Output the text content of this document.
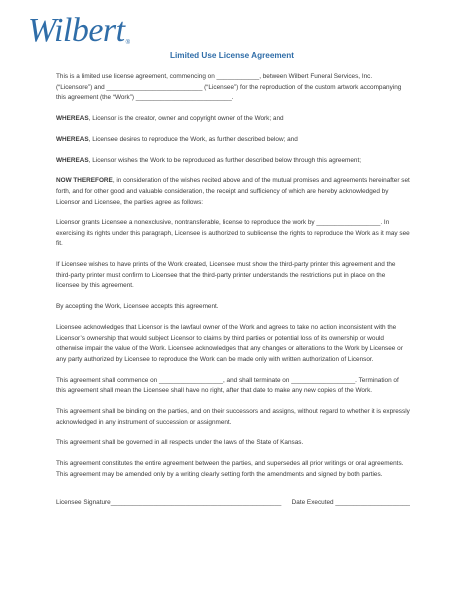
Wilbert®
Limited Use License Agreement

This is a limited use license agreement, commencing on ____________, between Wilbert Funeral Services, Inc. (“Licensore”) and ___________________________ (“Licensee”) for the reproduction of the custom artwork accompanying this agreement (the “Work”) ___________________________.

WHEREAS, Licensor is the creator, owner and copyright owner of the Work; and

WHEREAS, Licensee desires to reproduce the Work, as further described below; and

WHEREAS, Licensor wishes the Work to be reproduced as further described below through this agreement;

NOW THEREFORE, in consideration of the wishes recited above and of the mutual promises and agreements hereinafter set forth, and for other good and valuable consideration, the receipt and sufficiency of which are hereby acknowledged by Licensor and Licensee, the parties agree as follows:

Licensor grants Licensee a nonexclusive, nontransferable, license to reproduce the work by __________________. In exercising its rights under this paragraph, Licensee is authorized to sublicense the rights to reproduce the Work as it may see fit.

If Licensee wishes to have prints of the Work created, Licensee must show the third-party printer this agreement and the third-party printer must confirm to Licensee that the third-party printer understands the restrictions put in place on the licensee by this agreement.

By accepting the Work, Licensee accepts this agreement.

Licensee acknowledges that Licensor is the lawfaul owner of the Work and agrees to take no action inconsistent with the Licensor’s ownership that would subject Licensor to claims by third parties or potential loss of its ownership or would otherwise impair the value of the Work. Licensee acknowledges that any changes or alterations to the Work by Licensee or any party authorized by Licensee to reproduce the Work can be made only with written authorization of Licensor.

This agreement shall commence on __________________, and shall terminate on __________________. Termination of this agreement shall mean the Licensee shall have no right, after that date to make any new copies of the Work.

This agreement shall be binding on the parties, and on their successors and assigns, without regard to whether it is expressly acknowledged in any instrument of succession or assignment.

This agreement shall be governed in all respects under the laws of the State of Kansas.

This agreement constitutes the entire agreement between the parties, and supersedes all prior writings or oral agreements. This agreement may be amended only by a writing clearly setting forth the amendments and signed by both parties.

Licensee Signature________________________________________________ Date Executed _____________________
